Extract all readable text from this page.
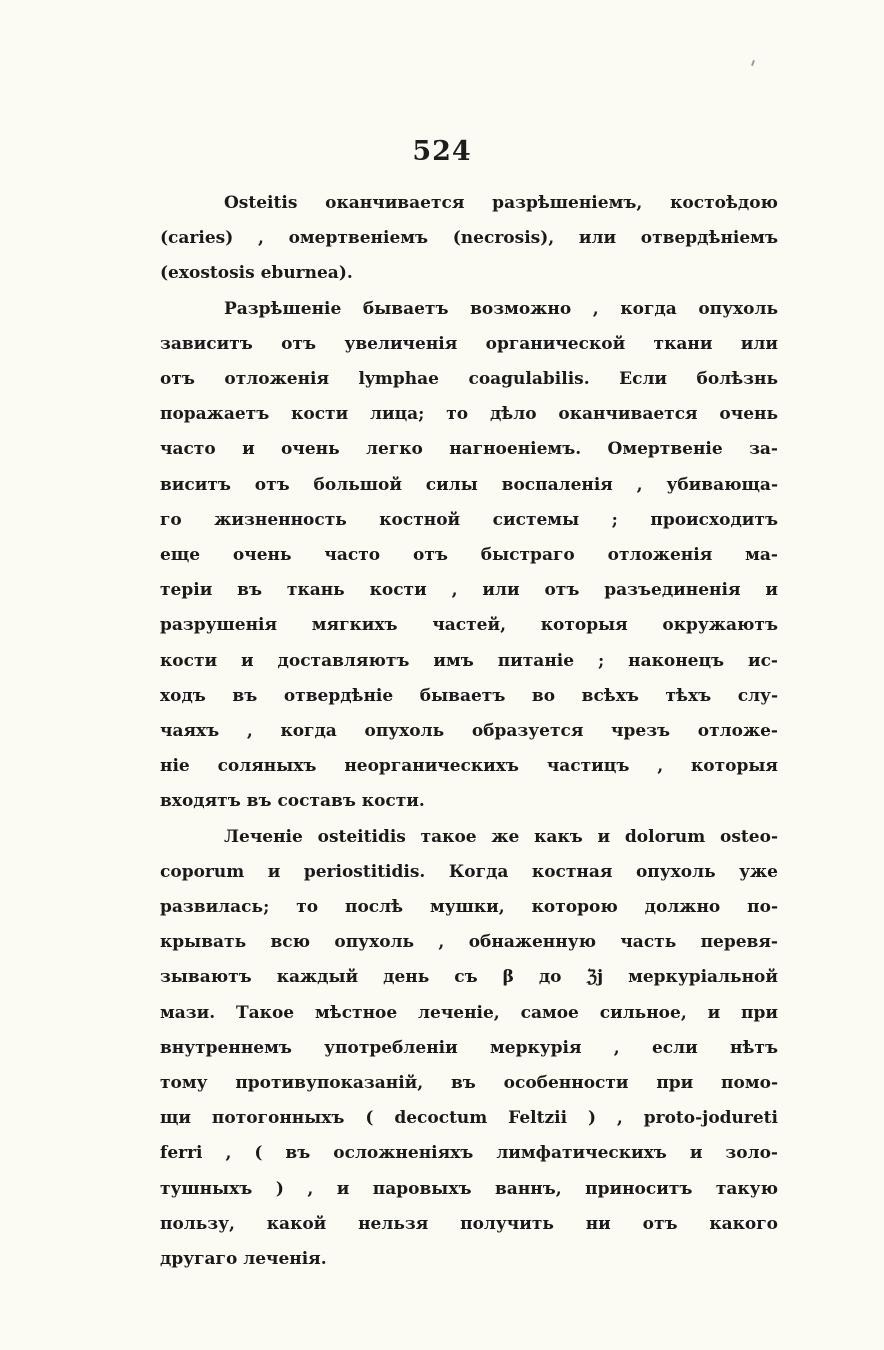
524

Osteitis оканчивается разрѣшеніемъ, костоѣдою
(caries) , омертвеніемъ (necrosis), или отвердѣніемъ
(exostosis eburnea).

Разрѣшеніе бываетъ возможно , когда опухоль
зависитъ отъ увеличенія органической ткани или
отъ отложенія lymphae coagulabilis. Если болѣзнь
поражаетъ кости лица; то дѣло оканчивается очень
часто и очень легко нагноеніемъ. Омертвеніе за-
виситъ отъ большой силы воспаленія , убивающа-
го жизненность костной системы ; происходитъ
еще очень часто отъ быстраго отложенія ма-
теріи въ ткань кости , или отъ разъединенія и
разрушенія мягкихъ частей, которыя окружаютъ
кости и доставляютъ имъ питаніе ; наконецъ ис-
ходъ въ отвердѣніе бываетъ во всѣхъ тѣхъ слу-
чаяхъ , когда опухоль образуется чрезъ отложе-
ніе соляныхъ неорганическихъ частицъ , которыя
входятъ въ составъ кости.

Леченіе osteitidis такое же какъ и dolorum osteo-
coporum и periostitidis. Когда костная опухоль уже
развилась; то послѣ мушки, которою должно по-
крывать всю опухоль , обнаженную часть перевя-
зываютъ каждый день съ β до ℨj меркуріальной
мази. Такое мѣстное леченіе, самое сильное, и при
внутреннемъ употребленіи меркурія , если нѣтъ
тому противупоказаній, въ особенности при помо-
щи потогонныхъ ( decoctum Feltzii ) , proto-jodureti
ferri , ( въ осложненіяхъ лимфатическихъ и золо-
тушныхъ ) , и паровыхъ ваннъ, приноситъ такую
пользу, какой нельзя получить ни отъ какого
другаго леченія.
